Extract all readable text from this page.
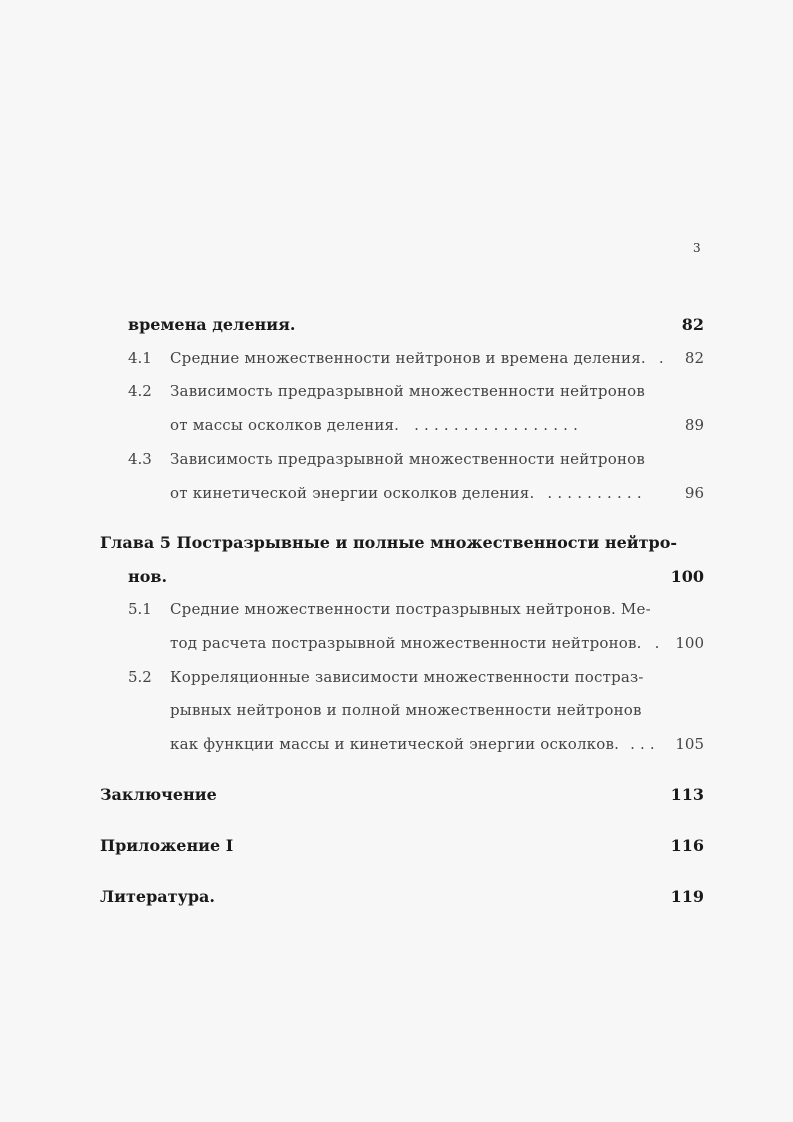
3
времена деления.	82
4.1 Средние множественности нейтронов и времена деления. . 82
4.2 Зависимость предразрывной множественности нейтронов
от массы осколков деления. . . . . . . . . . . . . . . . . .	89
4.3 Зависимость предразрывной множественности нейтронов
от кинетической энергии осколков деления. . . . . . . . . . .	96
Глава 5 Постразрывные и полные множественности нейтро-
нов.	100
5.1 Средние множественности постразрывных нейтронов. Ме-
тод расчета постразрывной множественности нейтронов. . 100
5.2 Корреляционные зависимости множественности постраз-
рывных нейтронов и полной множественности нейтронов
как функции массы и кинетической энергии осколков. . . . 105
Заключение	113
Приложение I	116
Литература.	119
